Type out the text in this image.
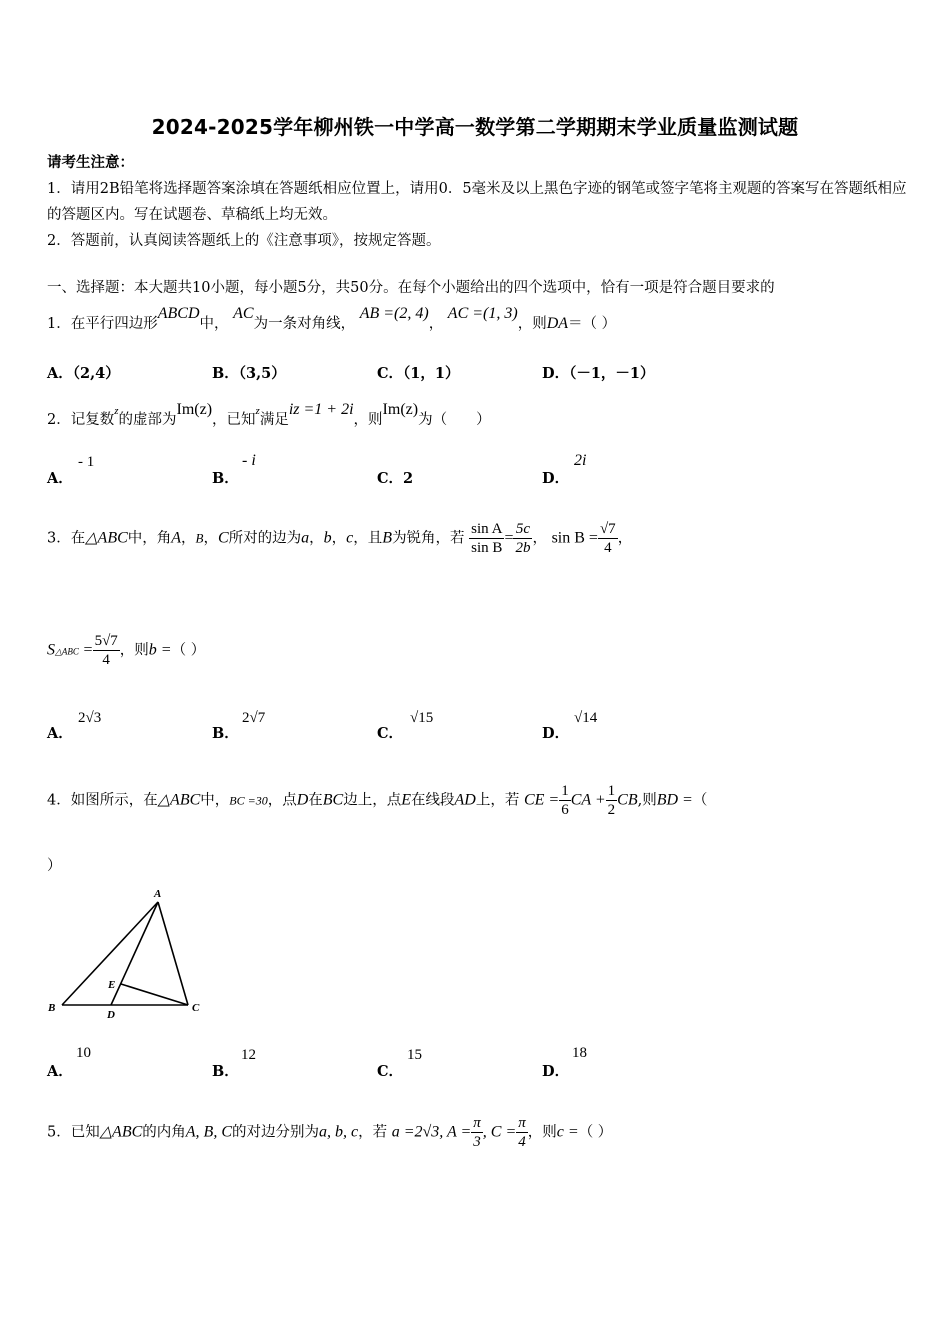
2024-2025学年柳州铁一中学高一数学第二学期期末学业质量监测试题
请考生注意：
1．请用2B铅笔将选择题答案涂填在答题纸相应位置上，请用0．5毫米及以上黑色字迹的钢笔或签字笔将主观题的答案写在答题纸相应的答题区内。写在试题卷、草稿纸上均无效。
2．答题前，认真阅读答题纸上的《注意事项》，按规定答题。
一、选择题：本大题共10小题，每小题5分，共50分。在每个小题给出的四个选项中，恰有一项是符合题目要求的
1．在平行四边形ABCD中， AC为一条对角线， AB =(2, 4)， AC =(1, 3)，则DA＝（ ）
A．（2,4）	B．（3,5）	C．（1，1）	D．（－1，－1）
2．记复数$^z$的虚部为Im(z)，已知$^z$满足iz =1 + 2i，则Im(z)为（　　）
A．
- 1
B．
- i
C．2	D．
2i
3．在△ABC中，角A，B，C所对的边为a，b，c，且B为锐角，若 $\frac{\text{sin A}}{\text{sin B}} = \frac{5c}{2b}$ ， $\sin B = \frac{√7}{4}$ ，
S△ABC = $\frac{5√7}{4}$ ，则b =（ ）
A．
2√3
B．
2√7
C．
√15
D．
√14
4．如图所示，在△ABC中，BC =30，点D在BC边上，点E在线段AD上，若 CE = $\frac{1}{6}$ CA + $\frac{1}{2}$ CB,则BD =（
）
A
B	C
D
E
A．
10
B．
12
C．
15
D．
18
5．已知△ABC的内角A, B, C的对边分别为a, b, c，若 a =2√3, $A = \frac{\pi}{3}$ , $C = \frac{\pi}{4}$ ，则c =（ ）
